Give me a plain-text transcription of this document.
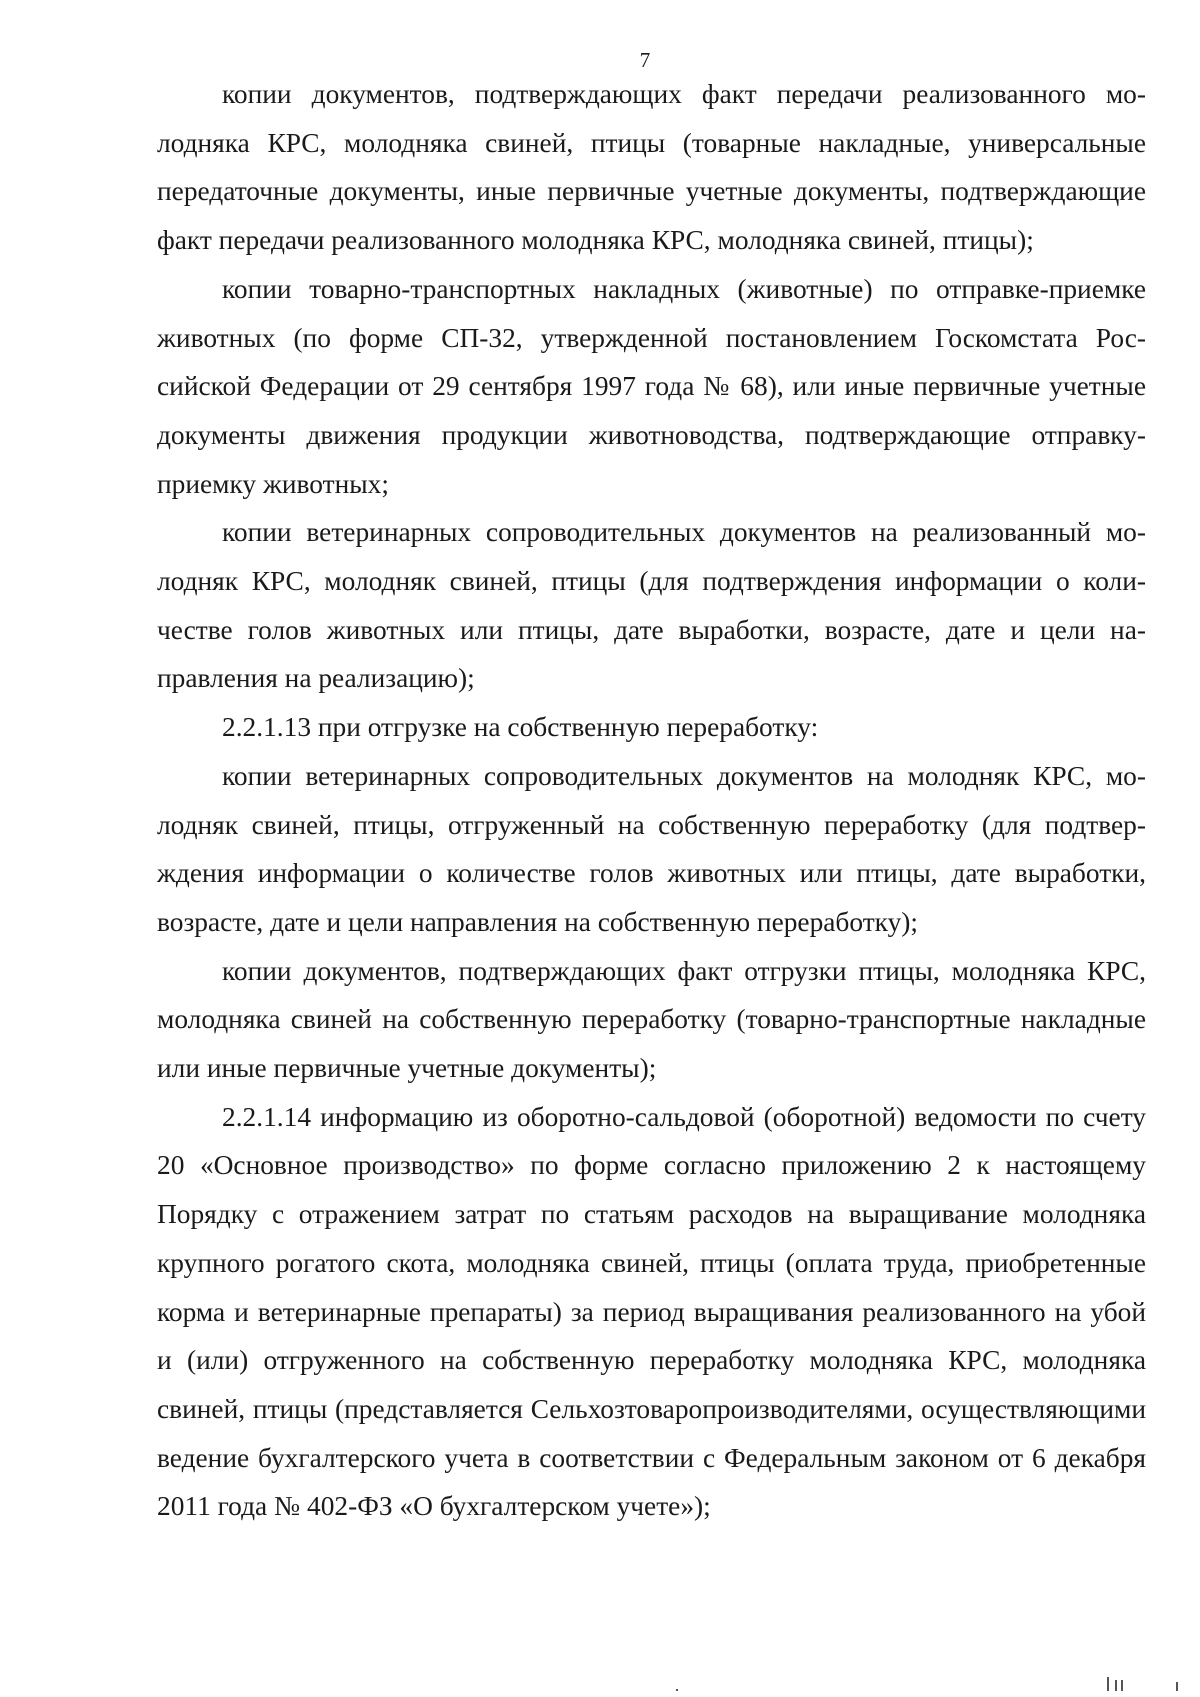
7

копии документов, подтверждающих факт передачи реализованного молодняка КРС, молодняка свиней, птицы (товарные накладные, универсальные передаточные документы, иные первичные учетные документы, подтверждающие факт передачи реализованного молодняка КРС, молодняка свиней, птицы);

копии товарно-транспортных накладных (животные) по отправке-приемке животных (по форме СП-32, утвержденной постановлением Госкомстата Российской Федерации от 29 сентября 1997 года № 68), или иные первичные учетные документы движения продукции животноводства, подтверждающие отправку-приемку животных;

копии ветеринарных сопроводительных документов на реализованный молодняк КРС, молодняк свиней, птицы (для подтверждения информации о количестве голов животных или птицы, дате выработки, возрасте, дате и цели направления на реализацию);

2.2.1.13 при отгрузке на собственную переработку:

копии ветеринарных сопроводительных документов на молодняк КРС, молодняк свиней, птицы, отгруженный на собственную переработку (для подтверждения информации о количестве голов животных или птицы, дате выработки, возрасте, дате и цели направления на собственную переработку);

копии документов, подтверждающих факт отгрузки птицы, молодняка КРС, молодняка свиней на собственную переработку (товарно-транспортные накладные или иные первичные учетные документы);

2.2.1.14 информацию из оборотно-сальдовой (оборотной) ведомости по счету 20 «Основное производство» по форме согласно приложению 2 к настоящему Порядку с отражением затрат по статьям расходов на выращивание молодняка крупного рогатого скота, молодняка свиней, птицы (оплата труда, приобретенные корма и ветеринарные препараты) за период выращивания реализованного на убой и (или) отгруженного на собственную переработку молодняка КРС, молодняка свиней, птицы (представляется Сельхозтоваропроизводителями, осуществляющими ведение бухгалтерского учета в соответствии с Федеральным законом от 6 декабря 2011 года № 402-ФЗ «О бухгалтерском учете»);
